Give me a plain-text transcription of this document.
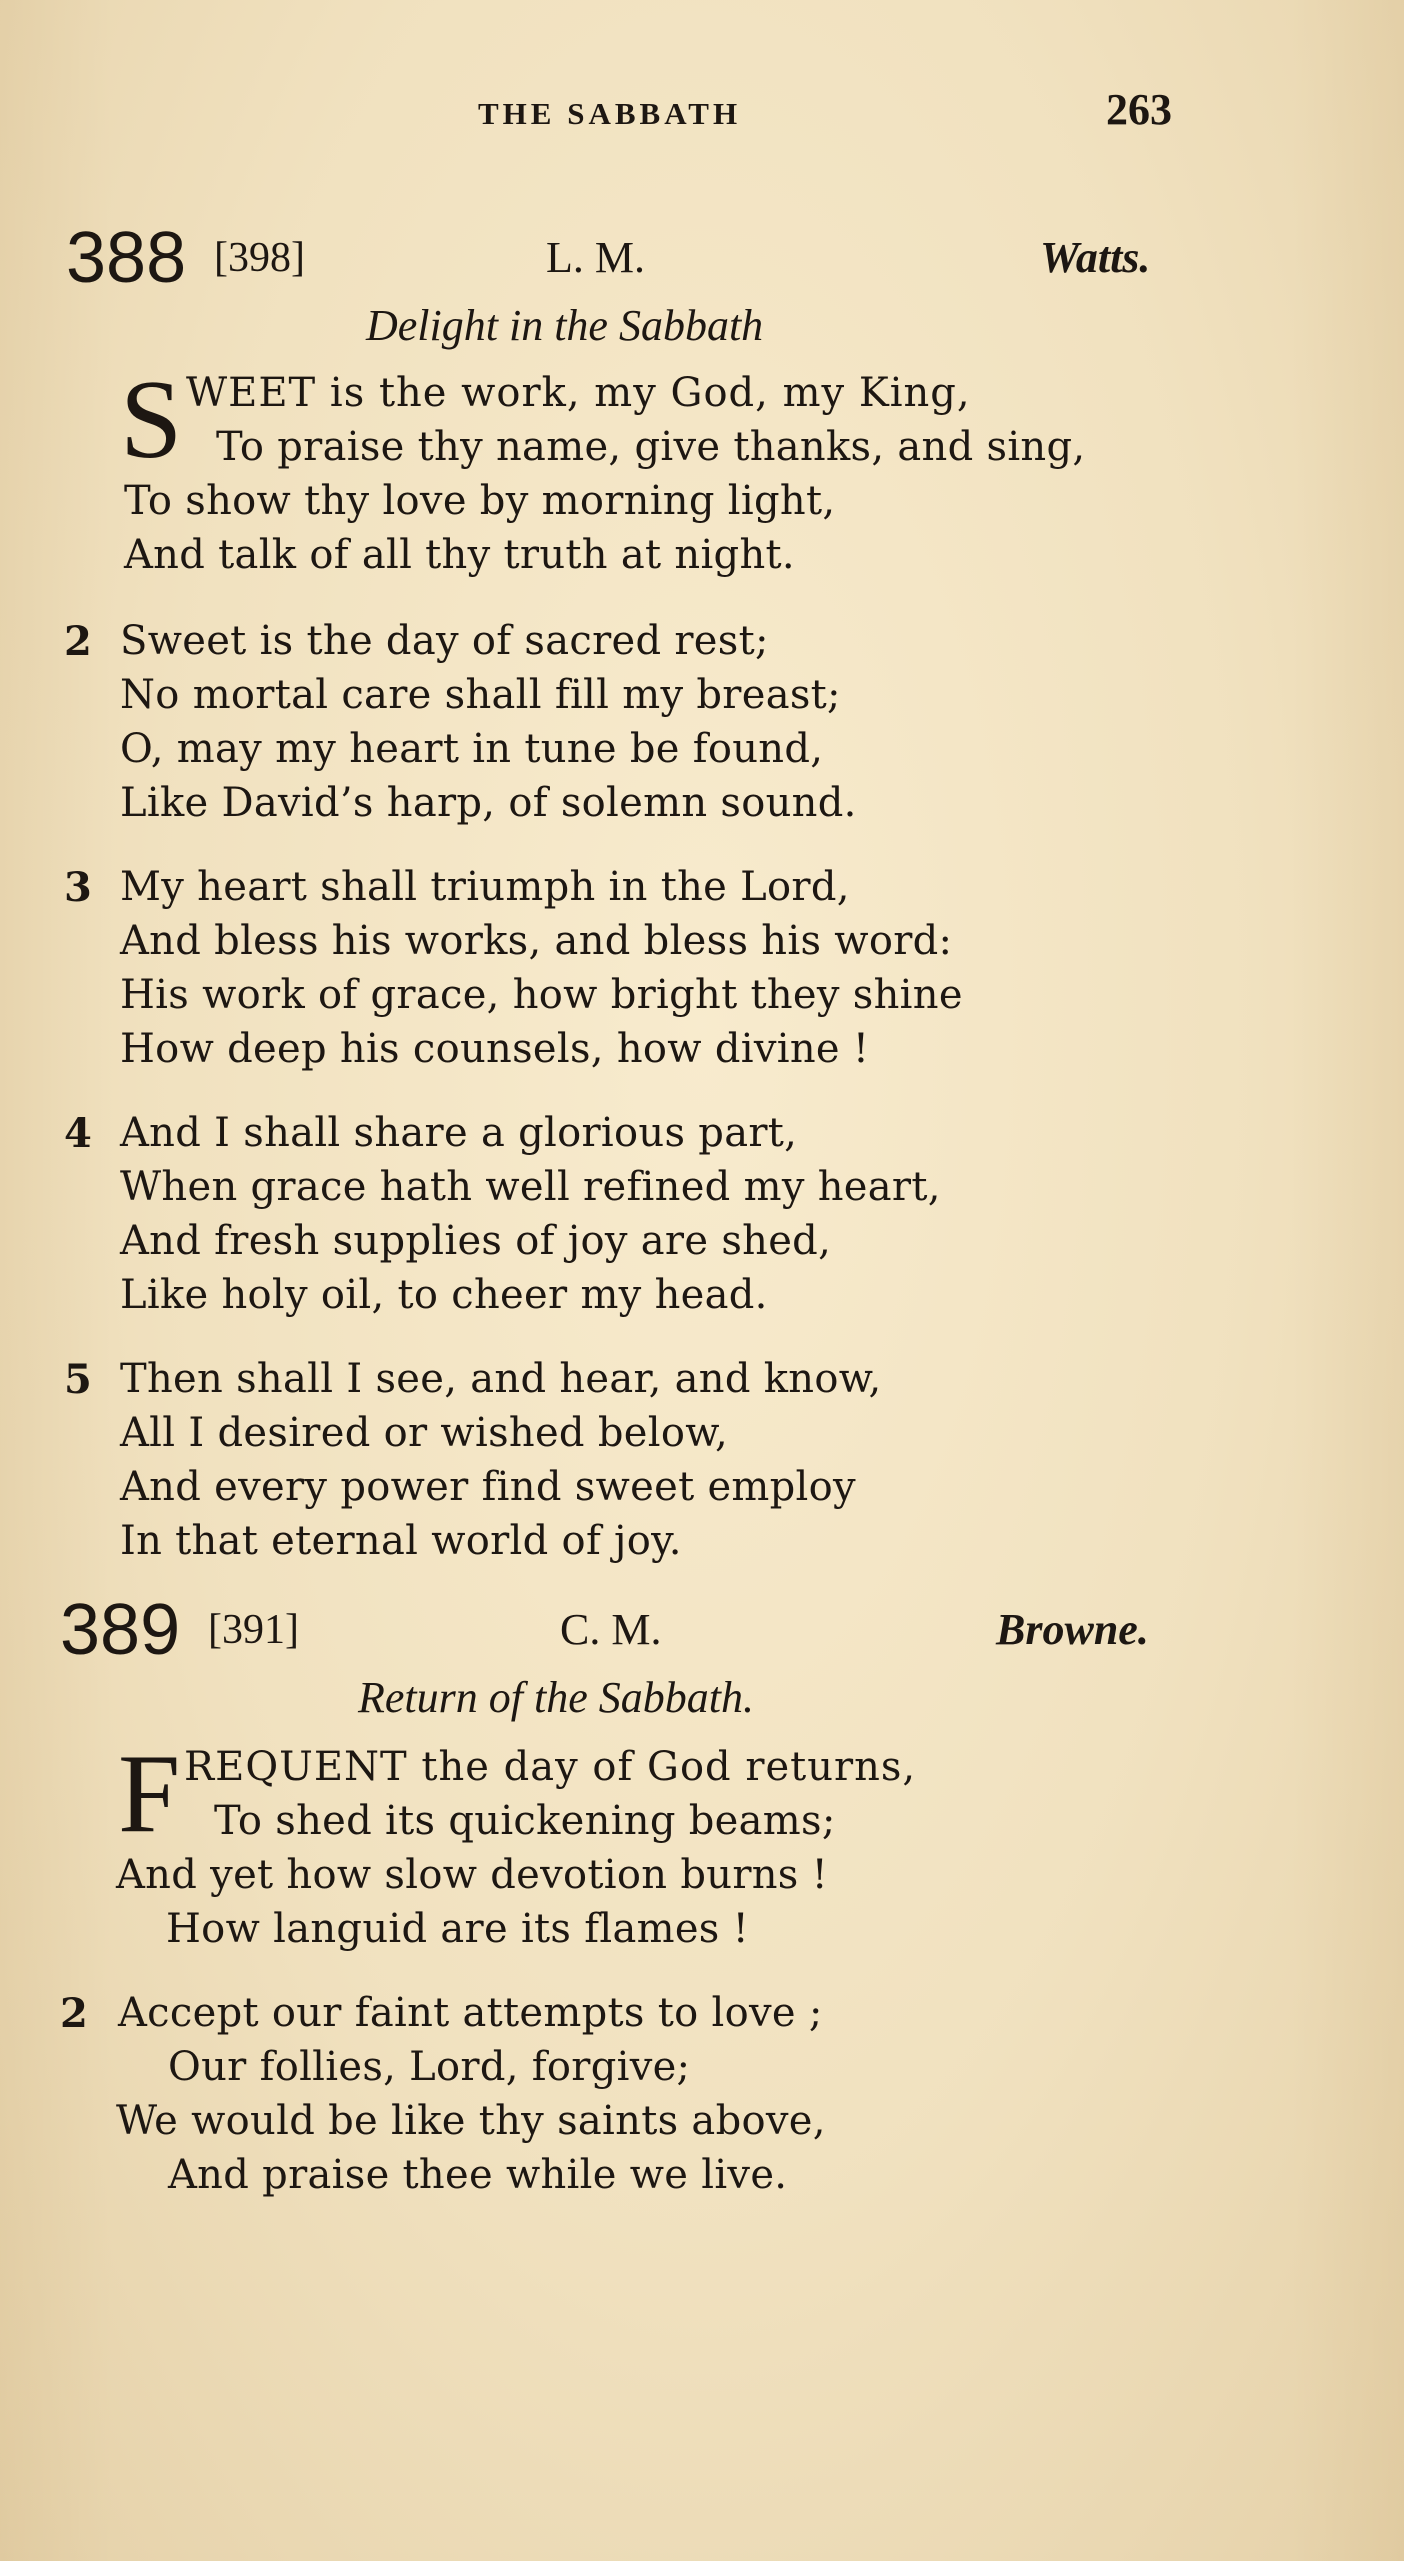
THE SABBATH	263
388 [398]	L. M.	Watts.
Delight in the Sabbath
S WEET is the work, my God, my King,
To praise thy name, give thanks, and sing,
To show thy love by morning light,
And talk of all thy truth at night.
2 Sweet is the day of sacred rest;
No mortal care shall fill my breast;
O, may my heart in tune be found,
Like David’s harp, of solemn sound.
3 My heart shall triumph in the Lord,
And bless his works, and bless his word:
His work of grace, how bright they shine
How deep his counsels, how divine !
4 And I shall share a glorious part,
When grace hath well refined my heart,
And fresh supplies of joy are shed,
Like holy oil, to cheer my head.
5 Then shall I see, and hear, and know,
All I desired or wished below,
And every power find sweet employ
In that eternal world of joy.
389 [391]	C. M.	Browne.
Return of the Sabbath.
F REQUENT the day of God returns,
To shed its quickening beams;
And yet how slow devotion burns !
How languid are its flames !
2 Accept our faint attempts to love ;
Our follies, Lord, forgive;
We would be like thy saints above,
And praise thee while we live.
